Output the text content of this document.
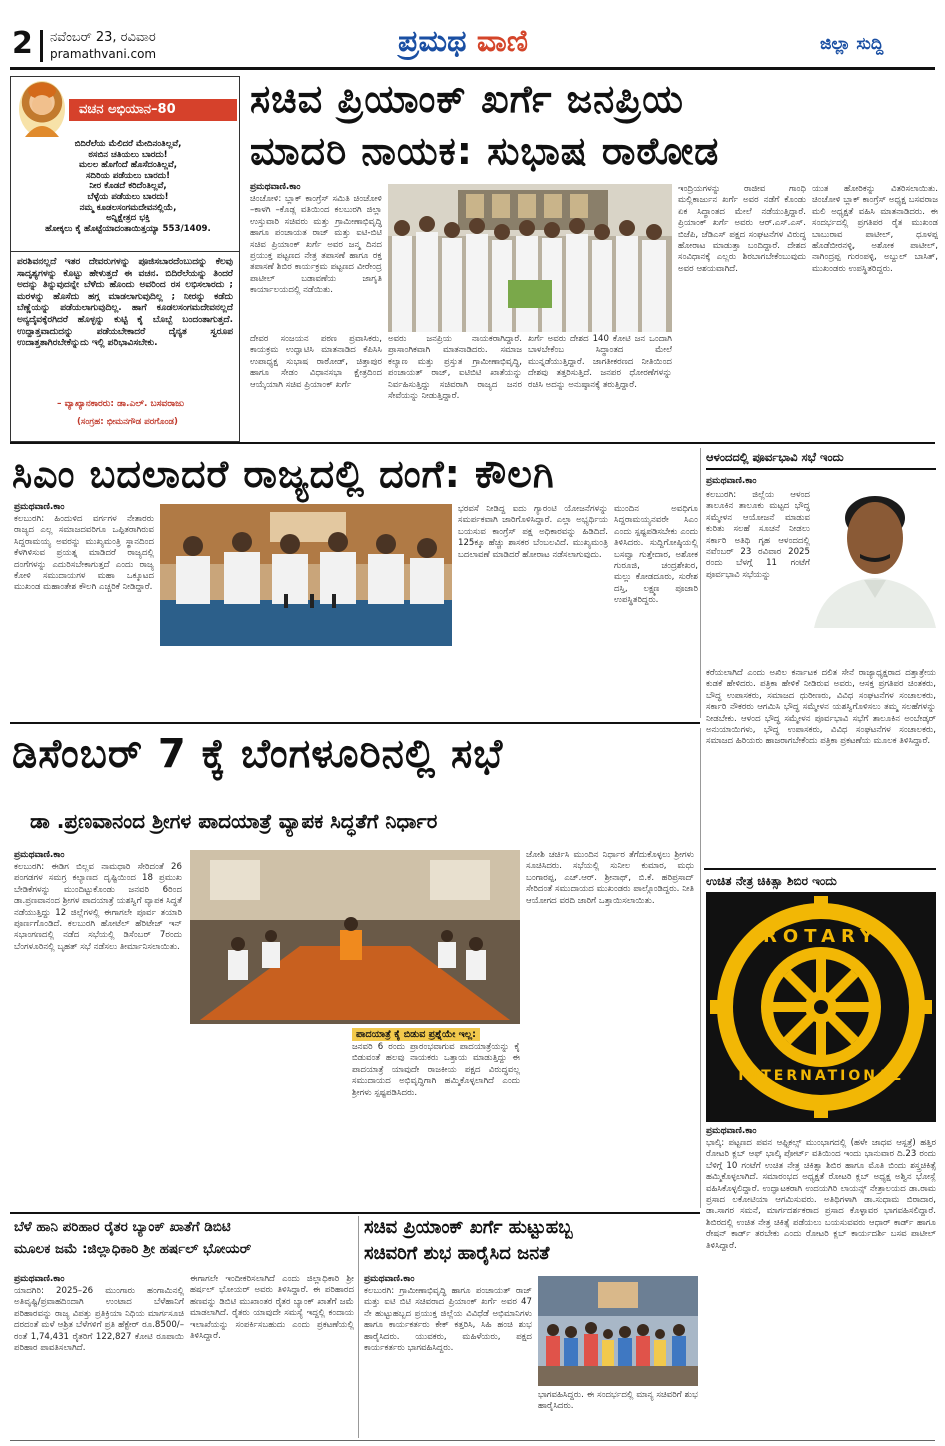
2 ನವೆಂಬರ್ 23, ರವಿವಾರ
pramathvani.com	ಪ್ರಮಥ ವಾಣಿ	ಜಿಲ್ಲಾ ಸುದ್ದಿ
ವಚನ ಅಭಿಯಾನ–80
ಬಿದಿರೆಲೆಯ ಮೆಲಿದರೆ ಮೇದಿನಂತಿಲ್ಲವೆ,
ಠಸಬಿನ ಚತಿಯಲು ಬಾರದು!
ಮಲಲ ಹೊಗೆಂದೆ ಹೊಸೆದಂತಿಲ್ಲವೆ,
ಸದಿರಿಯ ಪಡೆಯಲು ಬಾರದು!
ನೀರ ಕೊಡದೆ ಕರಿದೆಂತಿಲ್ಲವೆ,
ಬೆಳ್ಳೆಯ ಪಡೆಯಲು ಬಾರದು!
ನಮ್ಮ ಕೂಡಲಸಂಗಮದೇವನಲ್ಲಿಯೆ,
ಅನ್ನಿಕ್ಷೇತ್ರದ ಭಕ್ತಿ
ಹೋಕ್ಕಲು ಕೈ ಹೊಟ್ಟೆಯಾದಂತಾಯಿತ್ತಯ್ಯಾ 553/1409.
ಪರಶಿವನಲ್ಲದೆ ಇತರ ದೇವರುಗಳನ್ನು ಪೂಜಿಸಬಾರದೆಂಬುದನ್ನು ಕೆಲವು ಸಾದೃಶ್ಯಗಳನ್ನು ಕೊಟ್ಟು ಹೇಳುತ್ತದೆ ಈ ವಚನ. ಬಿದಿರೆಲೆಯನ್ನು ತಿಂದರೆ ಅದನ್ನು ತಿನ್ನುವುದನ್ನೇ ಬೆಳೆದು ಹೊಂದು ಅವರಿಂದ ರಸ ಲಭಿಸಲಾರದು ; ಮರಳನ್ನು ಹೊಸೆದು ಹಗ್ಗ ಮಾಡಲಾಗುವುದಿಲ್ಲ ; ನೀರನ್ನು ಕಡೆದು ಬೆಣ್ಣೆಯನ್ನು ಪಡೆಯಲಾಗುವುದಿಲ್ಲ. ಹಾಗೆ ಕೂಡಲಸಂಗಮದೇವನಲ್ಲದೆ ಅನ್ಯದೈವಕ್ಕೆರಗಿದರೆ ಹೊಳ್ಳನ್ನು ಕುಟ್ಟಿ ಕೈ ಬೊಬ್ಬೆ ಬಂದಂತಾಗುತ್ತದೆ. ಉದ್ದಾತ್ತವಾದುದನ್ನು ಪಡೆಯಬೇಕಾದರೆ ದೈನ್ಯತ ಸ್ವರೂಪ ಉದಾತ್ತತಾಗಿರಬೇಕೆನ್ನುದು ಇಲ್ಲಿ ಪರಿಭಾವಿಸಬೇಕು.
– ವ್ಯಾಖ್ಯಾನಕಾರರು: ಡಾ.ಎಲ್. ಬಸವರಾಜು
(ಸಂಗ್ರಹ: ಭೀಮನಗೌಡ ಪರಗೊಂಡ)
ಸಚಿವ ಪ್ರಿಯಾಂಕ್ ಖರ್ಗೆ ಜನಪ್ರಿಯ
ಮಾದರಿ ನಾಯಕ: ಸುಭಾಷ ರಾಠೋಡ
ಪ್ರಮಥವಾಣಿ.ಕಾಂ
ಚಿಂಚೋಳಿ: ಬ್ಲಾಕ್ ಕಾಂಗ್ರೆಸ್ ಸಮಿತಿ ಚಿಂಚೋಳಿ –ಕಾಳಗಿ –ಕೊಡ್ಲ ವತಿಯಿಂದ ಕಲಬುರಗಿ ಜಿಲ್ಲಾ ಉಸ್ತುವಾರಿ ಸಚಿವರು ಮತ್ತು ಗ್ರಾಮೀಣಾಭಿವೃದ್ಧಿ ಹಾಗೂ ಪಂಚಾಯತ ರಾಜ್ ಮತ್ತು ಐಟಿ-ಬಿಟಿ ಸಚಿವ ಪ್ರಿಯಾಂಕ್ ಖರ್ಗೆ ಅವರ ಜನ್ಮ ದಿನದ ಪ್ರಯುಕ್ತ ಪಟ್ಟಣದ ನೇತ್ರ ತಪಾಸಣೆ ಹಾಗೂ ರಕ್ತ ತಪಾಸಣೆ ಶಿಬಿರ ಕಾರ್ಯಕ್ರಮ ಪಟ್ಟಣದ ವೀರೇಂದ್ರ ಪಾಟೀಲ್ ಬಡಾವಣೆಯ ಜಾಗೃತಿ ಕಾರ್ಯಾಲಯದಲ್ಲಿ ನಡೆಯಿತು.
ದೇವರ ಸಂಜಯನ ಪಠಣ ಪ್ರವಾಸಿಕರು, ಕಾಯಕ್ರಮ ಉದ್ಘಾಟಿಸಿ ಮಾತನಾಡಿದ ಕೆಪಿಸಿಸಿ ಉಪಾಧ್ಯಕ್ಷ ಸುಭಾಷ ರಾಠೋಡ್, ಚಿತ್ತಾಪುರ ಹಾಗೂ ಸೇಡಂ ವಿಧಾನಸಭಾ ಕ್ಷೇತ್ರದಿಂದ ಆಯ್ಕೆಯಾಗಿ ಸಚಿವ ಪ್ರಿಯಾಂಕ್ ಖರ್ಗೆ
ಅವರು ಜನಪ್ರಿಯ ನಾಯಕರಾಗಿದ್ದಾರೆ. ಪ್ರಾಸಾಂಗಿಕವಾಗಿ ಮಾತನಾಡಿದರು. ಸಮಾಜ ಕಲ್ಯಾಣ ಮತ್ತು ಪ್ರಸ್ತುತ ಗ್ರಾಮೀಣಾಭಿವೃದ್ಧಿ, ಪಂಚಾಯತ್ ರಾಜ್, ಐಟಿಬಿಟಿ ಖಾತೆಯನ್ನು ನಿರ್ವಹಿಸುತ್ತಿದ್ದು ಸಚಿವರಾಗಿ ರಾಜ್ಯದ ಜನರ ಸೇವೆಯನ್ನು ನೀಡುತ್ತಿದ್ದಾರೆ.
ಖರ್ಗೆ ಅವರು ದೇಶದ 140 ಕೋಟಿ ಜನ ಒಂದಾಗಿ ಬಾಳಬೇಕೆಂಬ ಸಿದ್ಧಾಂತದ ಮೇಲೆ ಮುನ್ನಡೆಯುತ್ತಿದ್ದಾರೆ. ಜಾಗತೀಕರಣದ ನೀತಿಯಿಂದ ದೇಶವು ತತ್ತರಿಸುತ್ತಿದೆ. ಜನಪರ ಧೋರಣೆಗಳನ್ನು ರಚಿಸಿ ಅದನ್ನು ಅನುಷ್ಠಾನಕ್ಕೆ ತರುತ್ತಿದ್ದಾರೆ.
ಇಂದ್ರಿಯಗಳನ್ನು ರಾಜೀವ ಗಾಂಧಿ ಮಲ್ಲಿಕಾರ್ಜುನ ಖರ್ಗೆ ಅವರ ನಡೆಗೆ ಕೊಂಡು ಏಕ ಸಿದ್ಧಾಂತದ ಮೇಲೆ ನಡೆಯುತ್ತಿದ್ದಾರೆ. ಪ್ರಿಯಾಂಕ್ ಖರ್ಗೆ ಅವರು ಆರ್.ಎಸ್.ಎಸ್. ಬಿಜೆಪಿ, ಜೆಡಿಎಸ್ ಪಕ್ಷದ ಸಂಘಟನೆಗಳ ವಿರುದ್ಧ ಹೋರಾಟ ಮಾಡುತ್ತಾ ಬಂದಿದ್ದಾರೆ. ದೇಶದ ಸಂವಿಧಾನಕ್ಕೆ ಎಲ್ಲರು ಶಿರಬಾಗಬೇಕೆಂಬುವುದು ಅವರ ಆಶಯವಾಗಿದೆ.
ಯುತ ಹೋರಿಕನ್ನು ವಿತರಿಸಲಾಯಿತು. ಚಿಂಚೋಳಿ ಬ್ಲಾಕ್ ಕಾಂಗ್ರೆಸ್ ಅಧ್ಯಕ್ಷ ಬಸವರಾಜ ಮಲಿ ಅಧ್ಯಕ್ಷತೆ ವಹಿಸಿ ಮಾತನಾಡಿದರು. ಈ ಸಂದರ್ಭದಲ್ಲಿ ಪ್ರಗತಿಪರ ರೈತ ಮುಖಂಡ ಬಾಬುರಾವ ಪಾಟೀಲ್, ಧೂಳಪ್ಪ ಹೊಡೆಬೀರನಳ್ಳಿ, ಅಶೋಕ ಪಾಟೀಲ್, ನಾಗಿಂದ್ರಪ್ಪ ಗುರಂಪಳ್ಳಿ, ಅಬ್ದುಲ್ ಬಾಸಿತ್, ಮುಖಂಡರು ಉಪಸ್ಥಿತರಿದ್ದರು.
ಸಿಎಂ ಬದಲಾದರೆ ರಾಜ್ಯದಲ್ಲಿ ದಂಗೆ: ಕೌಲಗಿ
ಪ್ರಮಥವಾಣಿ.ಕಾಂ
ಕಲಬುರಗಿ: ಹಿಂದುಳಿದ ವರ್ಗಗಳ ನೇತಾರರು ರಾಜ್ಯದ ಎಲ್ಲ ಸಮಾಜದವರಿಗೂ ಒಪ್ಪಿತರಾಗಿರುವ ಸಿದ್ದರಾಮಯ್ಯ ಅವರನ್ನು ಮುಖ್ಯಮಂತ್ರಿ ಸ್ಥಾನದಿಂದ ಕೆಳಗಿಳಿಸುವ ಪ್ರಯತ್ನ ಮಾಡಿದರೆ ರಾಜ್ಯದಲ್ಲಿ ದಂಗೆಗಳನ್ನು ಎದುರಿಸಬೇಕಾಗುತ್ತದೆ ಎಂದು ರಾಜ್ಯ ಕೋಳಿ ಸಮುದಾಯಗಳ ಮಹಾ ಒಕ್ಕೂಟದ ಮುಖಂಡ ಮಹಾಂತೇಶ ಕೌಲಗಿ ಎಚ್ಚರಿಕೆ ನೀಡಿದ್ದಾರೆ.
ಭರವಸೆ ನೀಡಿದ್ದ ಐದು ಗ್ಯಾರಂಟಿ ಯೋಜನೆಗಳನ್ನು ಸಮರ್ಪಕವಾಗಿ ಜಾರಿಗೊಳಿಸಿದ್ದಾರೆ. ಎಲ್ಲಾ ಅಭ್ಯರ್ಥಿಯ ಬಯಸುವ ಕಾಂಗ್ರೆಸ್ ಪಕ್ಷ ಅಧಿಕಾರವನ್ನು ಹಿಡಿದಿದೆ. 125ಕ್ಕೂ ಹೆಚ್ಚು ಶಾಸಕರ ಬೆಂಬಲವಿದೆ. ಮುಖ್ಯಮಂತ್ರಿ ಬದಲಾವಣೆ ಮಾಡಿದರೆ ಹೋರಾಟ ನಡೆಸಲಾಗುವುದು.
ಮುಂದಿನ ಅವಧಿಗೂ ಸಿದ್ದರಾಮಯ್ಯನವರೇ ಸಿಎಂ ಎಂದು ಸ್ಪಷ್ಟಪಡಿಸಬೇಕು ಎಂದು ತಿಳಿಸಿದರು. ಸುದ್ದಿಗೋಷ್ಠಿಯಲ್ಲಿ ಬಸವ್ವಾ ಗುತ್ತೇದಾರ, ಅಶೋಕ ಗುರೂಜಿ, ಚಂದ್ರಶೇಖರ, ಮಲ್ಲು ಕೋಡದೂರು, ಸುರೇಶ ದಸ್ತಿ, ಲಕ್ಷ್ಮಣ ಪೂಜಾರಿ ಉಪಸ್ಥಿತರಿದ್ದರು.
ಆಳಂದದಲ್ಲಿ ಪೂರ್ವಭಾವಿ ಸಭೆ ಇಂದು
ಪ್ರಮಥವಾಣಿ.ಕಾಂ
ಕಲಬುರಗಿ: ಜಿಲ್ಲೆಯ ಆಳಂದ ತಾಲೂಕಿನ ತಾಲೂಕು ಮಟ್ಟದ ಭೌದ್ಧ ಸಮ್ಮೇಳನ ಆಯೋಜನೆ ಮಾಡುವ ಕುರಿತು ಸಲಹೆ ಸೂಚನೆ ನೀಡಲು ಸರ್ಕಾರಿ ಅತಿಥಿ ಗೃಹ ಆಳಂದದಲ್ಲಿ ನವೆಂಬರ್ 23 ರವಿವಾರ 2025 ರಂದು ಬೆಳಗ್ಗೆ 11 ಗಂಟೆಗೆ ಪೂರ್ವಭಾವಿ ಸಭೆಯನ್ನು
ಕರೆಯಲಾಗಿದೆ ಎಂದು ಅಖಿಲ ಕರ್ನಾಟಕ ದಲಿತ ಸೇನೆ ರಾಜ್ಯಾಧ್ಯಕ್ಷರಾದ ದತ್ತಾತ್ರೇಯ ಕುಡಕೆ ಹೇಳಿದರು. ಪತ್ರಿಕಾ ಹೇಳಿಕೆ ನೀಡಿರುವ ಅವರು, ಆಸಕ್ತ ಪ್ರಗತಿಪರ ಚಿಂತಕರು, ಬೌದ್ಧ ಉಪಾಸಕರು, ಸಮಾಜದ ಧುರೀಣರು, ವಿವಿಧ ಸಂಘಟನೆಗಳ ಸಂಚಾಲಕರು, ಸರ್ಕಾರಿ ನೌಕರರು ಆಗಮಿಸಿ ಭೌದ್ಧ ಸಮ್ಮೇಳನ ಯಶಸ್ವಿಗೊಳಿಸಲು ತಮ್ಮ ಸಲಹೆಗಳನ್ನು ನೀಡಬೇಕು. ಆಳಂದ ಭೌದ್ಧ ಸಮ್ಮೇಳನ ಪೂರ್ವಭಾವಿ ಸಭೆಗೆ ತಾಲೂಕಿನ ಅಂಬೇಡ್ಕರ್ ಅನುಯಾಯಿಗಳು, ಭೌದ್ಧ ಉಪಾಸಕರು, ವಿವಿಧ ಸಂಘಟನೆಗಳ ಸಂಚಾಲಕರು, ಸಮಾಜದ ಹಿರಿಯರು ಹಾಜರಾಗಬೇಕೆಂದು ಪತ್ರಿಕಾ ಪ್ರಕಟಣೆಯ ಮೂಲಕ ತಿಳಿಸಿದ್ದಾರೆ.
ಡಿಸೆಂಬರ್ 7 ಕ್ಕೆ ಬೆಂಗಳೂರಿನಲ್ಲಿ ಸಭೆ
ಡಾ .ಪ್ರಣವಾನಂದ ಶ್ರೀಗಳ ಪಾದಯಾತ್ರೆ ವ್ಯಾಪಕ ಸಿದ್ಧತೆಗೆ ನಿರ್ಧಾರ
ಪ್ರಮಥವಾಣಿ.ಕಾಂ
ಕಲಬುರಗಿ: ಈಡಿಗ ಬಿಲ್ಲವ ನಾಮಧಾರಿ ಸೇರಿದಂತೆ 26 ಪಂಗಡಗಳ ಸಮಗ್ರ ಕಲ್ಯಾಣದ ದೃಷ್ಟಿಯಿಂದ 18 ಪ್ರಮುಖ ಬೇಡಿಕೆಗಳನ್ನು ಮುಂದಿಟ್ಟುಕೊಂಡು ಜನವರಿ 6ರಿಂದ ಡಾ.ಪ್ರಣವಾನಂದ ಶ್ರೀಗಳ ಪಾದಯಾತ್ರೆ ಯಶಸ್ವಿಗೆ ವ್ಯಾಪಕ ಸಿದ್ಧತೆ ನಡೆಯುತ್ತಿದ್ದು 12 ಜಿಲ್ಲೆಗಳಲ್ಲಿ ಈಗಾಗಲೇ ಪೂರ್ವ ತಯಾರಿ ಪೂರ್ಣಗೊಂಡಿದೆ. ಕಲಬುರಗಿ ಹೋಟೆಲ್ ಹೆರಿಟೇಜ್ ಇನ್ ಸಭಾಂಗಣದಲ್ಲಿ ನಡೆದ ಸಭೆಯಲ್ಲಿ ಡಿಸೆಂಬರ್ 7ರಂದು ಬೆಂಗಳೂರಿನಲ್ಲಿ ಬೃಹತ್ ಸಭೆ ನಡೆಸಲು ತೀರ್ಮಾನಿಸಲಾಯಿತು.
ಪಾದಯಾತ್ರೆ ಕೈ ಬಿಡುವ ಪ್ರಶ್ನೆಯೇ ಇಲ್ಲ:
ಜನವರಿ 6 ರಂದು ಪ್ರಾರಂಭವಾಗುವ ಪಾದಯಾತ್ರೆಯನ್ನು ಕೈ ಬಿಡುವಂತೆ ಹಲವು ನಾಯಕರು ಒತ್ತಾಯ ಮಾಡುತ್ತಿದ್ದು ಈ ಪಾದಯಾತ್ರೆ ಯಾವುದೇ ರಾಜಕೀಯ ಪಕ್ಷದ ವಿರುದ್ಧವಲ್ಲ ಸಮುದಾಯದ ಅಭಿವೃದ್ಧಿಗಾಗಿ ಹಮ್ಮಿಕೊಳ್ಳಲಾಗಿದೆ ಎಂದು ಶ್ರೀಗಳು ಸ್ಪಷ್ಟಪಡಿಸಿದರು.
ಜೋಶಿ ಚರ್ಚಿಸಿ ಮುಂದಿನ ನಿರ್ಧಾರ ತೆಗೆದುಕೊಳ್ಳಲು ಶ್ರೀಗಳು ಸೂಚಿಸಿದರು. ಸಭೆಯಲ್ಲಿ ಸುನೀಲ ಕುಮಾರ, ಮಧು ಬಂಗಾರಪ್ಪ, ಎಚ್.ಆರ್. ಶ್ರೀನಾಥ್, ಬಿ.ಕೆ. ಹರಿಪ್ರಸಾದ್ ಸೇರಿದಂತೆ ಸಮುದಾಯದ ಮುಖಂಡರು ಪಾಲ್ಗೊಂಡಿದ್ದರು. ನೀತಿ ಆಯೋಗದ ವರದಿ ಜಾರಿಗೆ ಒತ್ತಾಯಿಸಲಾಯಿತು.
ಉಚಿತ ನೇತ್ರ ಚಿಕಿತ್ಸಾ ಶಿಬಿರ ಇಂದು
ROTARY
INTERNATIONAL
ಪ್ರಮಥವಾಣಿ.ಕಾಂ
ಭಾಲ್ಕಿ: ಪಟ್ಟಣದ ಪವನ ಆಫ್ಟಿಕಲ್ಸ್ ಮುಂಭಾಗದಲ್ಲಿ (ಹಳೇ ಜಾಧವ ಆಸ್ಪತ್ರೆ) ಹತ್ತಿರ ರೋಟರಿ ಕ್ಲಬ್ ಆಫ್ ಭಾಲ್ಕಿ ಪೋರ್ಟ್ ವತಿಯಿಂದ ಇಂದು ಭಾನುವಾರ ದಿ.23 ರಂದು ಬೆಳಿಗ್ಗೆ 10 ಗಂಟೆಗೆ ಉಚಿತ ನೇತ್ರ ಚಿಕಿತ್ಸಾ ಶಿಬಿರ ಹಾಗೂ ಮೊತಿ ಬಿಂದು ಶಸ್ತ್ರಚಿಕಿತ್ಸೆ ಹಮ್ಮಿಕೊಳ್ಳಲಾಗಿದೆ. ಸಮಾರಂಭದ ಅಧ್ಯಕ್ಷತೆ ರೋಟರಿ ಕ್ಲಬ್ ಅಧ್ಯಕ್ಷ ಅಶ್ವಿನ ಭೋಸ್ಲೆ ವಹಿಸಿಕೊಳ್ಳಲಿದ್ದಾರೆ. ಉದ್ಘಾಟಕರಾಗಿ ಉದಯಗಿರಿ ಲಾಯನ್ಸ್ ನೇತ್ರಾಲಯದ ಡಾ.ರಾಮ ಪ್ರಸಾದ ಲಕೋಟಿಯಾ ಆಗಮಿಸುವರು. ಅತಿಥಿಗಳಾಗಿ ಡಾ.ಸುಧಾಮ ಬಿರಾದಾರ, ಡಾ.ಸಾಗರ ಸಮನೆ, ಮಾರ್ಗದರ್ಶಕರಾದ ಪ್ರಸಾದ ಕೊಳ್ಳಾವರ ಭಾಗವಹಿಸಲಿದ್ದಾರೆ. ಶಿಬಿರದಲ್ಲಿ ಉಚಿತ ನೇತ್ರ ಚಿಕಿತ್ಸೆ ಪಡೆಯಲು ಬಯಸುವವರು ಆಧಾರ್ ಕಾರ್ಡ್ ಹಾಗೂ ರೇಷನ್ ಕಾರ್ಡ್ ತರಬೇಕು ಎಂದು ರೋಟರಿ ಕ್ಲಬ್ ಕಾರ್ಯದರ್ಶಿ ಬಸವ ಪಾಟೀಲ್ ತಿಳಿಸಿದ್ದಾರೆ.
ಬೆಳೆ ಹಾನಿ ಪರಿಹಾರ ರೈತರ ಬ್ಯಾಂಕ್ ಖಾತೆಗೆ ಡಿಬಿಟಿ
ಮೂಲಕ ಜಮೆ :ಜಿಲ್ಲಾಧಿಕಾರಿ ಶ್ರೀ ಹರ್ಷಲ್ ಭೋಯರ್
ಪ್ರಮಥವಾಣಿ.ಕಾಂ
ಯಾದಗಿರಿ: 2025–26 ಮುಂಗಾರು ಹಂಗಾಮಿನಲ್ಲಿ ಅತಿವೃಷ್ಟಿ/ಪ್ರವಾಹದಿಂದಾಗಿ ಉಂಟಾದ ಬೆಳೆಹಾನಿಗೆ ಪರಿಹಾರವನ್ನು ರಾಜ್ಯ ವಿಪತ್ತು ಪ್ರತಿಕ್ರಿಯಾ ನಿಧಿಯ ಮಾರ್ಗಸೂಚಿ ದರದಂತೆ ಮಳೆ ಆಶ್ರಿತ ಬೆಳೆಗಳಿಗೆ ಪ್ರತಿ ಹೆಕ್ಟೇರ್ ರೂ.8500/–ರಂತೆ 1,74,431 ರೈತರಿಗೆ 122,827 ಕೋಟಿ ರೂಪಾಯಿ ಪರಿಹಾರ ಪಾವತಿಸಲಾಗಿದೆ.
ಈಗಾಗಲೇ ಇಂದೀಕರಿಸಲಾಗಿದೆ ಎಂದು ಜಿಲ್ಲಾಧಿಕಾರಿ ಶ್ರೀ ಹರ್ಷಲ್ ಭೋಯರ್ ಅವರು ತಿಳಿಸಿದ್ದಾರೆ. ಈ ಪರಿಹಾರದ ಹಣವನ್ನು ಡಿಬಿಟಿ ಮುಖಾಂತರ ರೈತರ ಬ್ಯಾಂಕ್ ಖಾತೆಗೆ ಜಮೆ ಮಾಡಲಾಗಿದೆ. ರೈತರು ಯಾವುದೇ ಸಮಸ್ಯೆ ಇದ್ದಲ್ಲಿ ಕಂದಾಯ ಇಲಾಖೆಯನ್ನು ಸಂಪರ್ಕಿಸಬಹುದು ಎಂದು ಪ್ರಕಟಣೆಯಲ್ಲಿ ತಿಳಿಸಿದ್ದಾರೆ.
ಸಚಿವ ಪ್ರಿಯಾಂಕ್ ಖರ್ಗೆ ಹುಟ್ಟುಹಬ್ಬ
ಸಚಿವರಿಗೆ ಶುಭ ಹಾರೈಸಿದ ಜನತೆ
ಪ್ರಮಥವಾಣಿ.ಕಾಂ
ಕಲಬುರಗಿ: ಗ್ರಾಮೀಣಾಭಿವೃದ್ಧಿ ಹಾಗೂ ಪಂಚಾಯತ್ ರಾಜ್ ಮತ್ತು ಐಟಿ ಬಿಟಿ ಸಚಿವರಾದ ಪ್ರಿಯಾಂಕ್ ಖರ್ಗೆ ಅವರ 47 ನೇ ಹುಟ್ಟುಹಬ್ಬದ ಪ್ರಯುಕ್ತ ಜಿಲ್ಲೆಯ ವಿವಿಧೆಡೆ ಅಭಿಮಾನಿಗಳು ಹಾಗೂ ಕಾರ್ಯಕರ್ತರು ಕೇಕ್ ಕತ್ತರಿಸಿ, ಸಿಹಿ ಹಂಚಿ ಶುಭ ಹಾರೈಸಿದರು. ಯುವಕರು, ಮಹಿಳೆಯರು, ಪಕ್ಷದ ಕಾರ್ಯಕರ್ತರು ಭಾಗವಹಿಸಿದ್ದರು.
ಭಾಗವಹಿಸಿದ್ದರು. ಈ ಸಂದರ್ಭದಲ್ಲಿ ಮಾನ್ಯ ಸಚಿವರಿಗೆ ಶುಭ ಹಾರೈಸಿದರು.
